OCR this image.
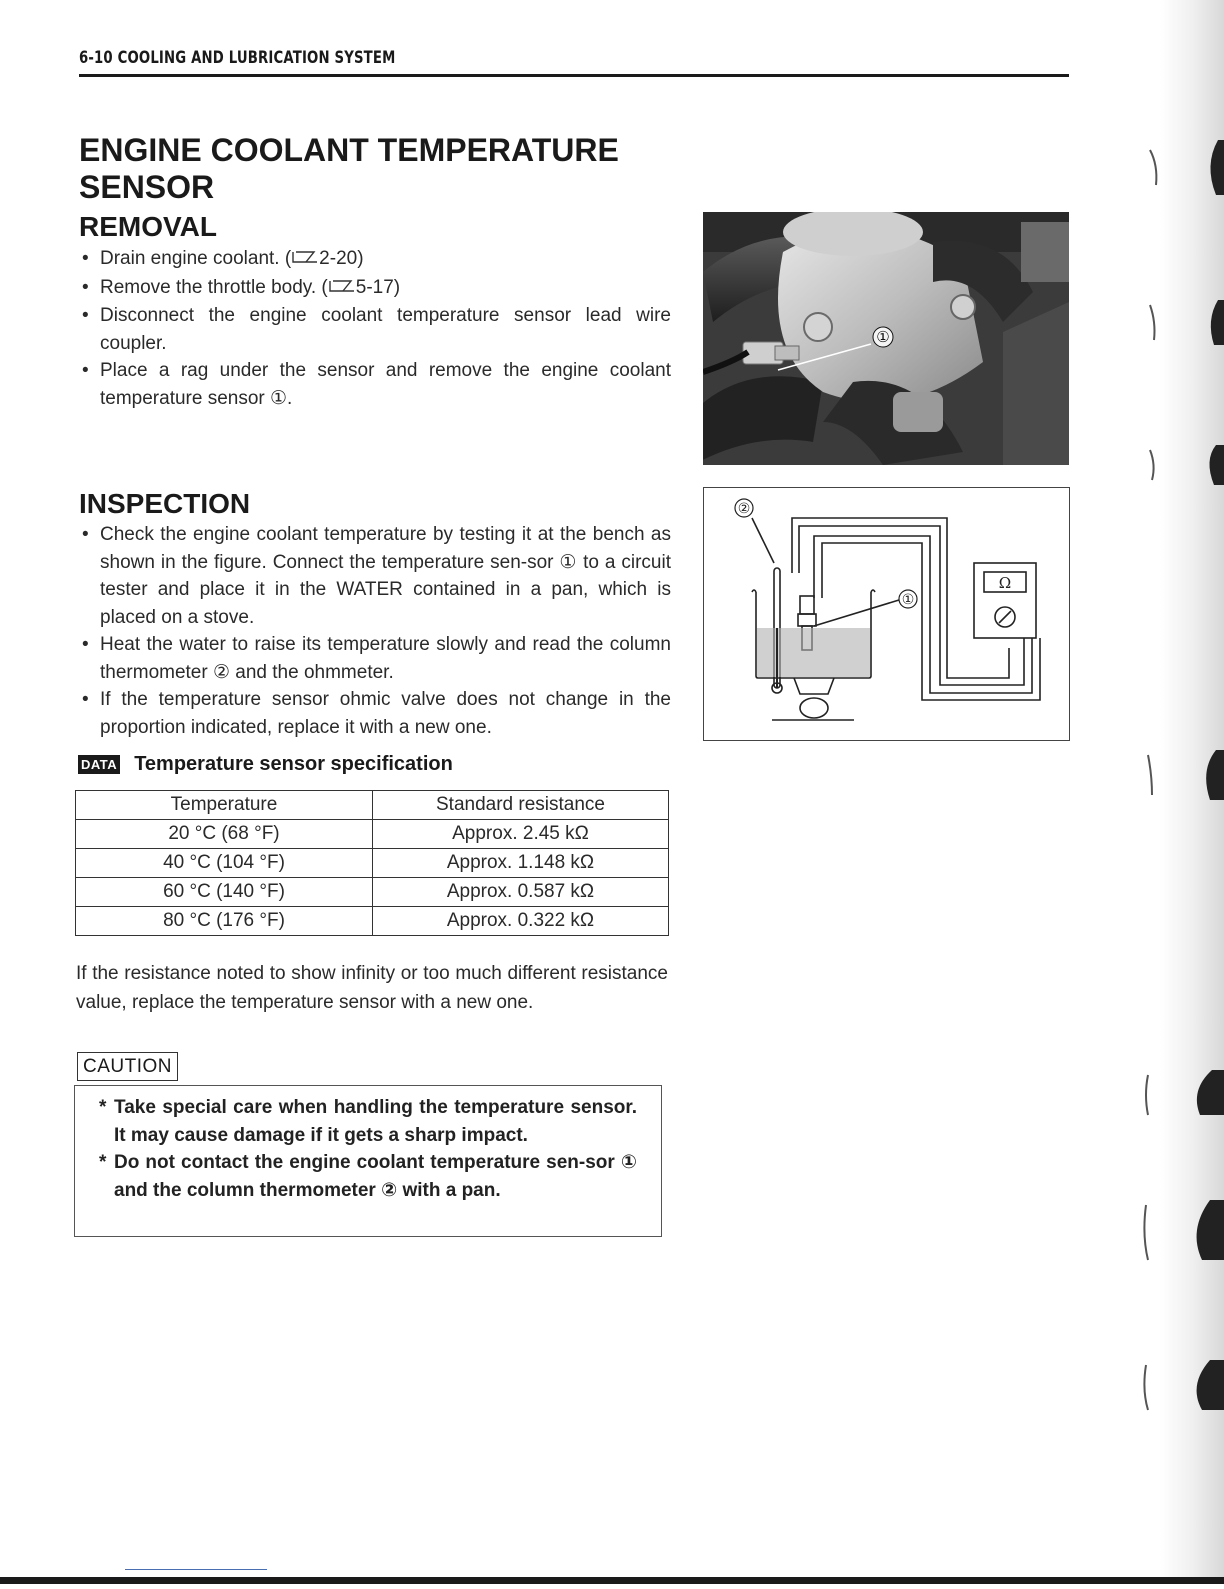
6-10 COOLING AND LUBRICATION SYSTEM
ENGINE COOLANT TEMPERATURE
SENSOR
REMOVAL
• Drain engine coolant. ( 2-20)
• Remove the throttle body. ( 5-17)
• Disconnect the engine coolant temperature sensor lead wire coupler.
• Place a rag under the sensor and remove the engine coolant temperature sensor ①.
①
INSPECTION
• Check the engine coolant temperature by testing it at the bench as shown in the figure. Connect the temperature sen-sor ① to a circuit tester and place it in the WATER contained in a pan, which is placed on a stove.
• Heat the water to raise its temperature slowly and read the column thermometer ② and the ohmmeter.
• If the temperature sensor ohmic valve does not change in the proportion indicated, replace it with a new one.
②
①
Ω
DATA Temperature sensor specification
Temperature	Standard resistance
20 °C (68 °F)	Approx. 2.45 kΩ
40 °C (104 °F)	Approx. 1.148 kΩ
60 °C (140 °F)	Approx. 0.587 kΩ
80 °C (176 °F)	Approx. 0.322 kΩ

If the resistance noted to show infinity or too much different resistance value, replace the temperature sensor with a new one.

CAUTION
* Take special care when handling the temperature sensor. It may cause damage if it gets a sharp impact.
* Do not contact the engine coolant temperature sen-sor ① and the column thermometer ② with a pan.
